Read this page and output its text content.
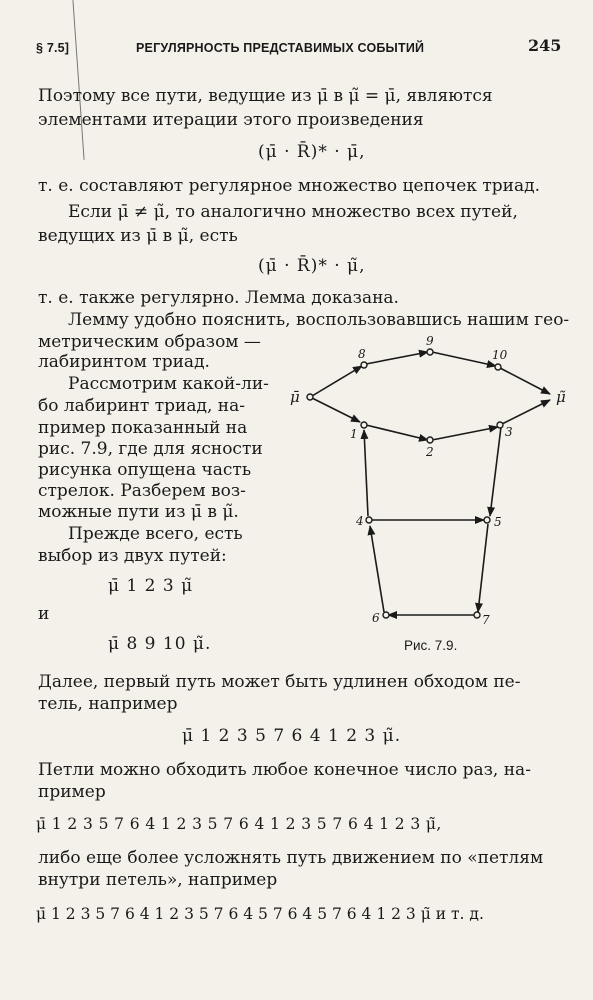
§ 7.5]	РЕГУЛЯРНОСТЬ ПРЕДСТАВИМЫХ СОБЫТИЙ	245
Поэтому все пути, ведущие из μ̄ в μ̃ = μ̄, являются
элементами итерации этого произведения
(μ̄ · R̄)* · μ̄,
т. е. составляют регулярное множество цепочек триад.
Если μ̄ ≠ μ̃, то аналогично множество всех путей,
ведущих из μ̄ в μ̃, есть
(μ̄ · R̄)* · μ̃,
т. е. также регулярно. Лемма доказана.
Лемму удобно пояснить, воспользовавшись нашим гео-
метрическим образом —
лабиринтом триад.
Рассмотрим какой-ли-
бо лабиринт триад, на-
пример показанный на
рис. 7.9, где для ясности
рисунка опущена часть
стрелок. Разберем воз-
можные пути из μ̄ в μ̃.
Прежде всего, есть
выбор из двух путей:
μ̄ 1 2 3 μ̃
и
μ̄ 8 9 10 μ̃.
μ̄	μ̃
8
9
10
1
2
3
4	5
6	7
Рис. 7.9.
Далее, первый путь может быть удлинен обходом пе-
тель, например
μ̄ 1 2 3 5 7 6 4 1 2 3 μ̃.
Петли можно обходить любое конечное число раз, на-
пример
μ̄ 1 2 3 5 7 6 4 1 2 3 5 7 6 4 1 2 3 5 7 6 4 1 2 3 μ̃,
либо еще более усложнять путь движением по «петлям
внутри петель», например
μ̄ 1 2 3 5 7 6 4 1 2 3 5 7 6 4 5 7 6 4 5 7 6 4 1 2 3 μ̃ и т. д.
